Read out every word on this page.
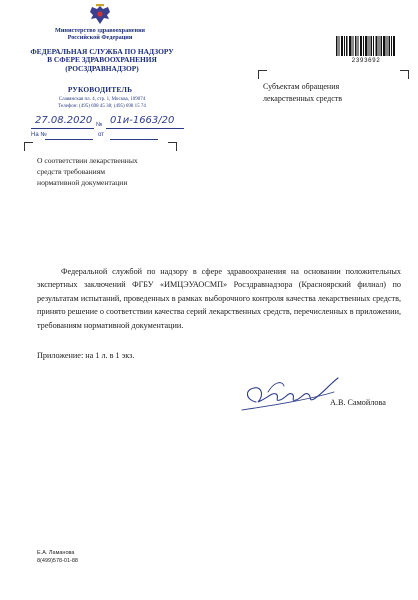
Министерство здравоохранения
Российской Федерации
ФЕДЕРАЛЬНАЯ СЛУЖБА ПО НАДЗОРУ
В СФЕРЕ ЗДРАВООХРАНЕНИЯ
(РОСЗДРАВНАДЗОР)
РУКОВОДИТЕЛЬ
Славянская пл. 4, стр. 1, Москва, 109074
Телефон: (495) 698 45 38; (495) 698 15 74
№
27.08.2020 01и-1663/20
На №	от
2393692
Субъектам обращения
лекарственных средств
О соответствии лекарственных
средств требованиям
нормативной документации

Федеральной службой по надзору в сфере здравоохранения на основании положительных экспертных заключений ФГБУ «ИМЦЭУАОСМП» Росздравнадзора (Красноярский филиал) по результатам испытаний, проведенных в рамках выборочного контроля качества лекарственных средств, принято решение о соответствии качества серий лекарственных средств, перечисленных в приложении, требованиям нормативной документации.

Приложение: на 1 л. в 1 экз.
А.В. Самойлова
Е.А. Ламанова
8(499)578-01-88
